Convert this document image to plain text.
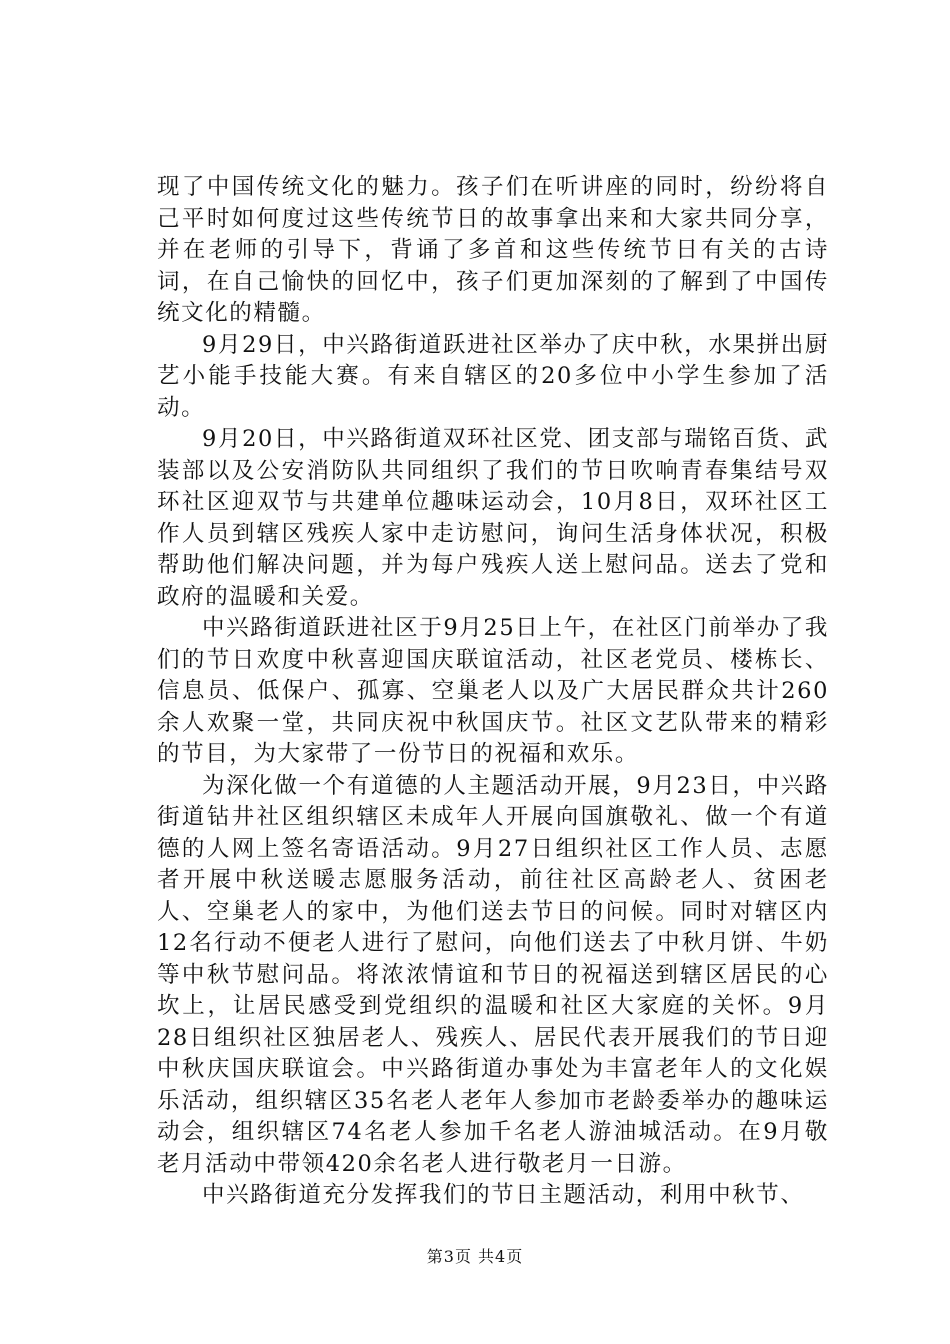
现了中国传统文化的魅力。孩子们在听讲座的同时，纷纷将自己平时如何度过这些传统节日的故事拿出来和大家共同分享，并在老师的引导下，背诵了多首和这些传统节日有关的古诗词，在自己愉快的回忆中，孩子们更加深刻的了解到了中国传统文化的精髓。

9月29日，中兴路街道跃进社区举办了庆中秋，水果拼出厨艺小能手技能大赛。有来自辖区的20多位中小学生参加了活动。

9月20日，中兴路街道双环社区党、团支部与瑞铭百货、武装部以及公安消防队共同组织了我们的节日吹响青春集结号双环社区迎双节与共建单位趣味运动会，10月8日，双环社区工作人员到辖区残疾人家中走访慰问，询问生活身体状况，积极帮助他们解决问题，并为每户残疾人送上慰问品。送去了党和政府的温暖和关爱。

中兴路街道跃进社区于9月25日上午，在社区门前举办了我们的节日欢度中秋喜迎国庆联谊活动，社区老党员、楼栋长、信息员、低保户、孤寡、空巢老人以及广大居民群众共计260余人欢聚一堂，共同庆祝中秋国庆节。社区文艺队带来的精彩的节目，为大家带了一份节日的祝福和欢乐。

为深化做一个有道德的人主题活动开展，9月23日，中兴路街道钻井社区组织辖区未成年人开展向国旗敬礼、做一个有道德的人网上签名寄语活动。9月27日组织社区工作人员、志愿者开展中秋送暖志愿服务活动，前往社区高龄老人、贫困老人、空巢老人的家中，为他们送去节日的问候。同时对辖区内12名行动不便老人进行了慰问，向他们送去了中秋月饼、牛奶等中秋节慰问品。将浓浓情谊和节日的祝福送到辖区居民的心坎上，让居民感受到党组织的温暖和社区大家庭的关怀。9月28日组织社区独居老人、残疾人、居民代表开展我们的节日迎中秋庆国庆联谊会。中兴路街道办事处为丰富老年人的文化娱乐活动，组织辖区35名老人老年人参加市老龄委举办的趣味运动会，组织辖区74名老人参加千名老人游油城活动。在9月敬老月活动中带领420余名老人进行敬老月一日游。

中兴路街道充分发挥我们的节日主题活动，利用中秋节、

第3页 共4页
